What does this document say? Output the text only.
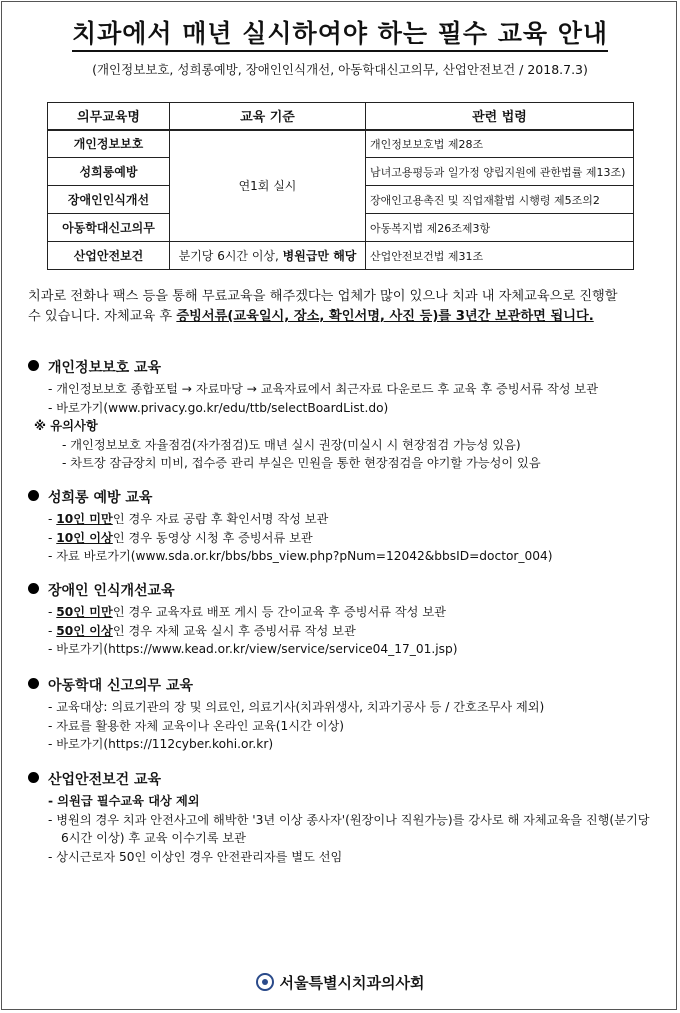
치과에서 매년 실시하여야 하는 필수 교육 안내
(개인정보보호, 성희롱예방, 장애인인식개선, 아동학대신고의무, 산업안전보건 / 2018.7.3)
의무교육명	교육 기준	관련 법령
개인정보보호	연1회 실시	개인정보보호법 제28조
성희롱예방		남녀고용평등과 일가정 양립지원에 관한법률 제13조)
장애인인식개선		장애인고용촉진 및 직업재활법 시행령 제5조의2
아동학대신고의무		아동복지법 제26조제3항
산업안전보건	분기당 6시간 이상, 병원급만 해당	산업안전보건법 제31조
치과로 전화나 팩스 등을 통해 무료교육을 해주겠다는 업체가 많이 있으나 치과 내 자체교육으로 진행할
수 있습니다. 자체교육 후 증빙서류(교육일시, 장소, 확인서명, 사진 등)를 3년간 보관하면 됩니다.
개인정보보호 교육
- 개인정보보호 종합포털 → 자료마당 → 교육자료에서 최근자료 다운로드 후 교육 후 증빙서류 작성 보관
- 바로가기(www.privacy.go.kr/edu/ttb/selectBoardList.do)
※ 유의사항
- 개인정보보호 자율점검(자가점검)도 매년 실시 권장(미실시 시 현장점검 가능성 있음)
- 차트장 잠금장치 미비, 접수증 관리 부실은 민원을 통한 현장점검을 야기할 가능성이 있음
성희롱 예방 교육
- 10인 미만인 경우 자료 공람 후 확인서명 작성 보관
- 10인 이상인 경우 동영상 시청 후 증빙서류 보관
- 자료 바로가기(www.sda.or.kr/bbs/bbs_view.php?pNum=12042&bbsID=doctor_004)
장애인 인식개선교육
- 50인 미만인 경우 교육자료 배포 게시 등 간이교육 후 증빙서류 작성 보관
- 50인 이상인 경우 자체 교육 실시 후 증빙서류 작성 보관
- 바로가기(https://www.kead.or.kr/view/service/service04_17_01.jsp)
아동학대 신고의무 교육
- 교육대상: 의료기관의 장 및 의료인, 의료기사(치과위생사, 치과기공사 등 / 간호조무사 제외)
- 자료를 활용한 자체 교육이나 온라인 교육(1시간 이상)
- 바로가기(https://112cyber.kohi.or.kr)
산업안전보건 교육
- 의원급 필수교육 대상 제외
- 병원의 경우 치과 안전사고에 해박한 '3년 이상 종사자'(원장이나 직원가능)를 강사로 해 자체교육을 진행(분기당 6시간 이상) 후 교육 이수기록 보관
- 상시근로자 50인 이상인 경우 안전관리자를 별도 선임
서울특별시치과의사회
